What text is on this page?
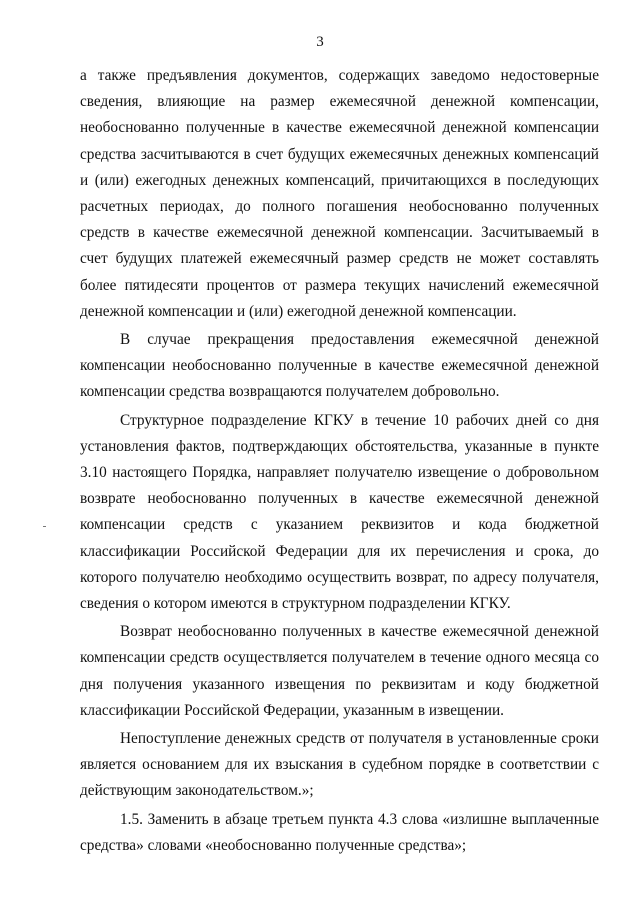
3

а также предъявления документов, содержащих заведомо недостоверные сведения, влияющие на размер ежемесячной денежной компенсации, необоснованно полученные в качестве ежемесячной денежной компенсации средства засчитываются в счет будущих ежемесячных денежных компенсаций и (или) ежегодных денежных компенсаций, причитающихся в последующих расчетных периодах, до полного погашения необоснованно полученных средств в качестве ежемесячной денежной компенсации. Засчитываемый в счет будущих платежей ежемесячный размер средств не может составлять более пятидесяти процентов от размера текущих начислений ежемесячной денежной компенсации и (или) ежегодной денежной компенсации.

В случае прекращения предоставления ежемесячной денежной компенсации необоснованно полученные в качестве ежемесячной денежной компенсации средства возвращаются получателем добровольно.

Структурное подразделение КГКУ в течение 10 рабочих дней со дня установления фактов, подтверждающих обстоятельства, указанные в пункте 3.10 настоящего Порядка, направляет получателю извещение о добровольном возврате необоснованно полученных в качестве ежемесячной денежной компенсации средств с указанием реквизитов и кода бюджетной классификации Российской Федерации для их перечисления и срока, до которого получателю необходимо осуществить возврат, по адресу получателя, сведения о котором имеются в структурном подразделении КГКУ.

Возврат необоснованно полученных в качестве ежемесячной денежной компенсации средств осуществляется получателем в течение одного месяца со дня получения указанного извещения по реквизитам и коду бюджетной классификации Российской Федерации, указанным в извещении.

Непоступление денежных средств от получателя в установленные сроки является основанием для их взыскания в судебном порядке в соответствии с действующим законодательством.»;

1.5. Заменить в абзаце третьем пункта 4.3 слова «излишне выплаченные средства» словами «необоснованно полученные средства»;
